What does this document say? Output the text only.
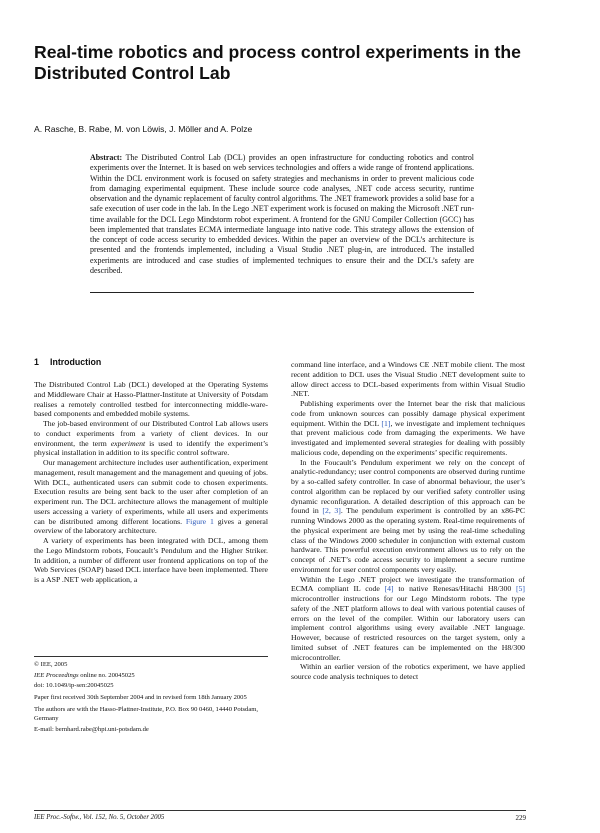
Real-time robotics and process control experiments in the Distributed Control Lab
A. Rasche, B. Rabe, M. von Löwis, J. Möller and A. Polze
Abstract: The Distributed Control Lab (DCL) provides an open infrastructure for conducting robotics and control experiments over the Internet. It is based on web services technologies and offers a wide range of frontend applications. Within the DCL environment work is focused on safety strategies and mechanisms in order to prevent malicious code from damaging experimental equipment. These include source code analyses, .NET code access security, runtime observation and the dynamic replacement of faculty control algorithms. The .NET framework provides a solid base for a safe execution of user code in the lab. In the Lego .NET experiment work is focused on making the Microsoft .NET run-time available for the DCL Lego Mindstorm robot experiment. A frontend for the GNU Compiler Collection (GCC) has been implemented that translates ECMA intermediate language into native code. This strategy allows the extension of the concept of code access security to embedded devices. Within the paper an overview of the DCL’s architecture is presented and the frontends implemented, including a Visual Studio .NET plug-in, are introduced. The installed experiments are introduced and case studies of implemented techniques to ensure their and the DCL’s safety are described.
1 Introduction

The Distributed Control Lab (DCL) developed at the Operating Systems and Middleware Chair at Hasso-Plattner-Institute at University of Potsdam realises a remotely controlled testbed for interconnecting middle-ware-based components and embedded mobile systems.

The job-based environment of our Distributed Control Lab allows users to conduct experiments from a variety of client devices. In our environment, the term experiment is used to identify the experiment’s physical installation in addition to its specific control software.

Our management architecture includes user authentification, experiment management, result management and the management and queuing of jobs. With DCL, authenticated users can submit code to chosen experiments. Execution results are being sent back to the user after completion of an experiment run. The DCL architecture allows the management of multiple users accessing a variety of experiments, while all users and experiments can be distributed among different locations. Figure 1 gives a general overview of the laboratory architecture.

A variety of experiments has been integrated with DCL, among them the Lego Mindstorm robots, Foucault’s Pendulum and the Higher Striker. In addition, a number of different user frontend applications on top of the Web Services (SOAP) based DCL interface have been implemented. There is a ASP .NET web application, a

© IEE, 2005
IEE Proceedings online no. 20045025
doi: 10.1049/ip-sen:20045025
Paper first received 30th September 2004 and in revised form 18th January 2005
The authors are with the Hasso-Plattner-Institute, P.O. Box 90 0460, 14440 Potsdam, Germany
E-mail: bernhard.rabe@hpi.uni-potsdam.de

command line interface, and a Windows CE .NET mobile client. The most recent addition to DCL uses the Visual Studio .NET development suite to allow direct access to DCL-based experiments from within Visual Studio .NET.

Publishing experiments over the Internet bear the risk that malicious code from unknown sources can possibly damage physical experiment equipment. Within the DCL [1], we investigate and implement techniques that prevent malicious code from damaging the experiments. We have investigated and implemented several strategies for dealing with possibly malicious code, depending on the experiments’ specific requirements.

In the Foucault’s Pendulum experiment we rely on the concept of analytic-redundancy; user control components are observed during runtime by a so-called safety controller. In case of abnormal behaviour, the user’s control algorithm can be replaced by our verified safety controller using dynamic reconfiguration. A detailed description of this approach can be found in [2, 3]. The pendulum experiment is controlled by an x86-PC running Windows 2000 as the operating system. Real-time requirements of the physical experiment are being met by using the real-time scheduling class of the Windows 2000 scheduler in conjunction with external custom hardware. This powerful execution environment allows us to rely on the concept of .NET’s code access security to implement a secure runtime environment for user control components very easily.

Within the Lego .NET project we investigate the transformation of ECMA compliant IL code [4] to native Renesas/Hitachi H8/300 [5] microcontroller instructions for our Lego Mindstorm robots. The type safety of the .NET platform allows to deal with various potential causes of errors on the level of the compiler. Within our laboratory users can implement control algorithms using every available .NET language. However, because of restricted resources on the target system, only a limited subset of .NET features can be implemented on the H8/300 microcontroller.

Within an earlier version of the robotics experiment, we have applied source code analysis techniques to detect

IEE Proc.-Softw., Vol. 152, No. 5, October 2005	229
